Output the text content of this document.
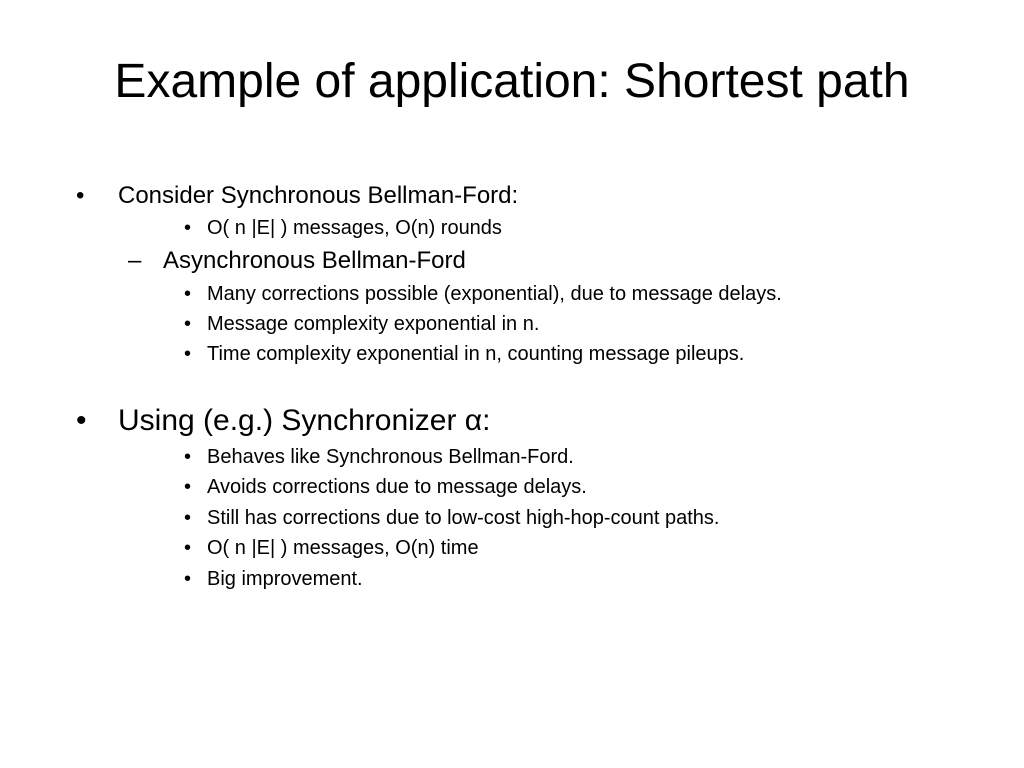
Example of application: Shortest path
• Consider Synchronous Bellman-Ford:
• O( n |E| ) messages, O(n) rounds
– Asynchronous Bellman-Ford
• Many corrections possible (exponential), due to message delays.
• Message complexity exponential in n.
• Time complexity exponential in n, counting message pileups.
• Using (e.g.) Synchronizer α:
• Behaves like Synchronous Bellman-Ford.
• Avoids corrections due to message delays.
• Still has corrections due to low-cost high-hop-count paths.
• O( n |E| ) messages, O(n) time
• Big improvement.
